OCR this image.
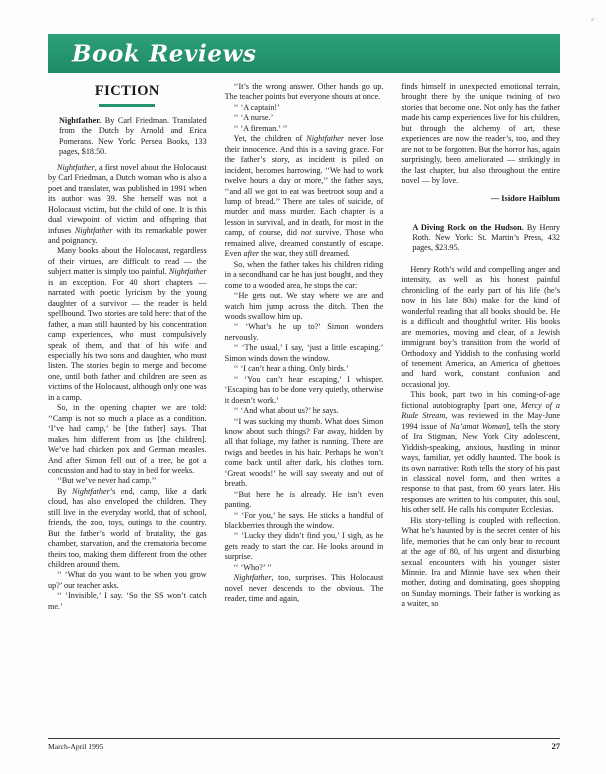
Book Reviews
FICTION

Nightfather. By Carl Friedman. Translated from the Dutch by Arnold and Erica Pomerans. New York: Persea Books, 133 pages, $18.50.

Nightfather, a first novel about the Holocaust by Carl Friedman, a Dutch woman who is also a poet and translater, was published in 1991 when its author was 39. She herself was not a Holocaust victim, but the child of one. It is this dual viewpoint of victim and offspring that infuses Nightfather with its remarkable power and poignancy.

Many books about the Holocaust, regardless of their virtues, are difficult to read — the subject matter is simply too painful. Nightfather is an exception. For 40 short chapters — narrated with poetic lyricism by the young daughter of a survivor — the reader is held spellbound. Two stories are told here: that of the father, a man still haunted by his concentration camp experiences, who must compulsively speak of them, and that of his wife and especially his two sons and daughter, who must listen. The stories begin to merge and become one, until both father and children are seen as victims of the Holocaust, although only one was in a camp.

So, in the opening chapter we are told: ‘‘Camp is not so much a place as a condition. ‘I’ve had camp,’ he [the father] says. That makes him different from us [the children]. We’ve had chicken pox and German measles. And after Simon fell out of a tree, he got a concussion and had to stay in bed for weeks.

‘‘But we’ve never had camp.’’

By Nightfather’s end, camp, like a dark cloud, has also enveloped the children. They still live in the everyday world, that of school, friends, the zoo, toys, outings to the country. But the father’s world of brutality, the gas chamber, starvation, and the crematoria become theirs too, making them different from the other children around them.

‘‘ ‘What do you want to be when you grow up?’ our teacher asks.

‘‘ ‘Invisible,’ I say. ‘So the SS won’t catch me.’

‘‘It’s the wrong answer. Other hands go up. The teacher points but everyone shouts at once.

‘‘ ‘A captain!’

‘‘ ‘A nurse.’

‘‘ ‘A fireman.’ ’’

Yet, the children of Nightfather never lose their innocence. And this is a saving grace. For the father’s story, as incident is piled on incident, becomes harrowing. ‘‘We had to work twelve hours a day or more,’’ the father says, ‘‘and all we got to eat was beetroot soup and a lump of bread.’’ There are tales of suicide, of murder and mass murder. Each chapter is a lesson in survival, and in death, for most in the camp, of course, did not survive. Those who remained alive, dreamed constantly of escape. Even after the war, they still dreamed.

So, when the father takes his children riding in a secondhand car he has just bought, and they come to a wooded area, he stops the car:

‘‘He gets out. We stay where we are and watch him jump across the ditch. Then the woods swallow him up.

‘‘ ‘What’s he up to?’ Simon wonders nervously.

‘‘ ‘The usual,’ I say, ‘just a little escaping.’ Simon winds down the window.

‘‘ ‘I can’t hear a thing. Only birds.’

‘‘ ‘You can’t hear escaping,’ I whisper. ‘Escaping has to be done very quietly, otherwise it doesn’t work.’

‘‘ ‘And what about us?’ he says.

‘‘I was sucking my thumb. What does Simon know about such things? Far away, hidden by all that foliage, my father is running. There are twigs and beetles in his hair. Perhaps he won’t come back until after dark, his clothes torn. ‘Great woods!’ he will say sweaty and out of breath.

‘‘But here he is already. He isn’t even panting.

‘‘ ‘For you,’ he says. He sticks a handful of blackberries through the window.

‘‘ ‘Lucky they didn’t find you,’ I sigh, as he gets ready to start the car. He looks around in surprise.

‘‘ ‘Who?’ ’’

Nightfather, too, surprises. This Holocaust novel never descends to the obvious. The reader, time and again,

finds himself in unexpected emotional terrain, brought there by the unique twining of two stories that become one. Not only has the father made his camp experiences live for his children, but through the alchemy of art, these experiences are now the reader’s, too, and they are not to be forgotten. But the horror has, again surprisingly, been ameliorated — strikingly in the last chapter, but also throughout the entire novel — by love.

— Isidore Haiblum

A Diving Rock on the Hudson. By Henry Roth. New York: St. Martin’s Press, 432 pages, $23.95.

Henry Roth’s wild and compelling anger and intensity, as well as his honest painful chronicling of the early part of his life (he’s now in his late 80s) make for the kind of wonderful reading that all books should be. He is a difficult and thoughtful writer. His books are memories, moving and clear, of a Jewish immigrant boy’s transition from the world of Orthodoxy and Yiddish to the confusing world of tenement America, an America of ghettoes and hard work, constant confusion and occasional joy.

This book, part two in his coming-of-age fictional autobiography [part one, Mercy of a Rude Stream, was reviewed in the May-June 1994 issue of Na’amat Woman], tells the story of Ira Stigman, New York City adolescent, Yiddish-speaking, anxious, hustling in minor ways, familiar, yet oddly haunted. The book is its own narrative: Roth tells the story of his past in classical novel form, and then writes a response to that past, from 60 years later. His responses are written to his computer, this soul, his other self. He calls his computer Ecclesias.

His story-telling is coupled with reflection. What he’s haunted by is the secret center of his life, memories that he can only bear to recount at the age of 80, of his urgent and disturbing sexual encounters with his younger sister Minnie. Ira and Minnie have sex when their mother, doting and dominating, goes shopping on Sunday mornings. Their father is working as a waiter, so

March-April 1995	27
